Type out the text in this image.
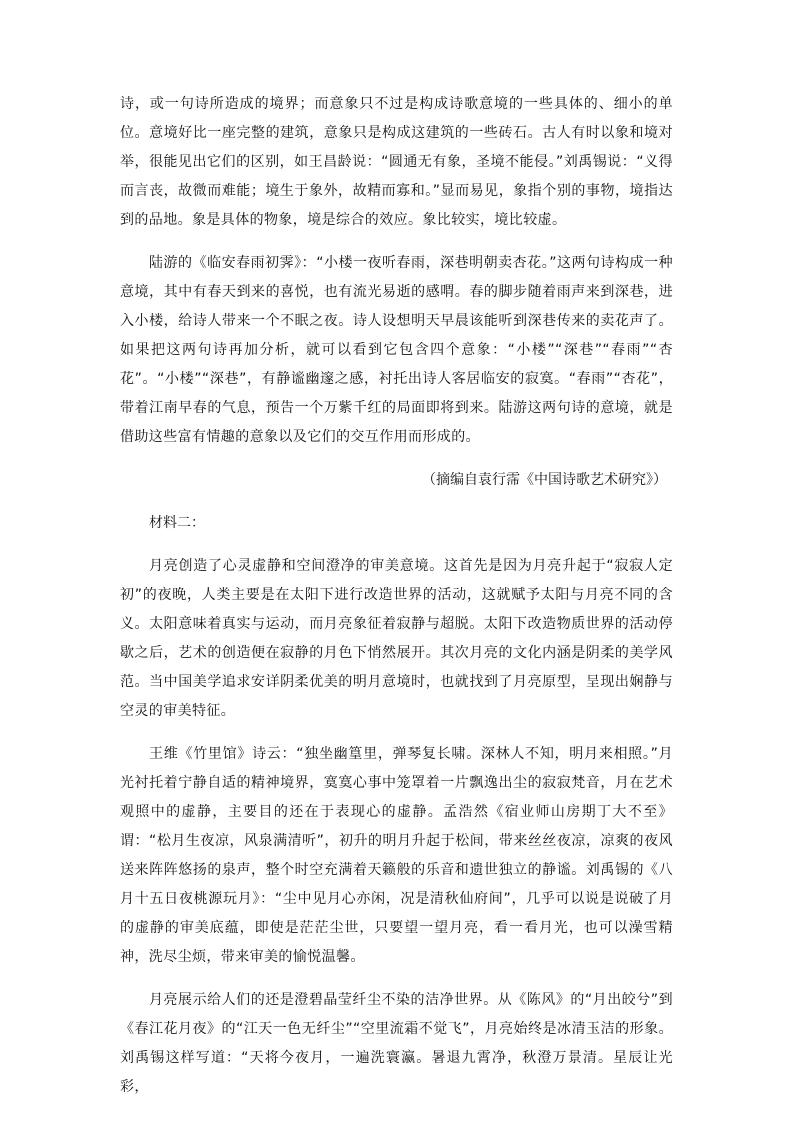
诗，或一句诗所造成的境界；而意象只不过是构成诗歌意境的一些具体的、细小的单位。意境好比一座完整的建筑，意象只是构成这建筑的一些砖石。古人有时以象和境对举，很能见出它们的区别，如王昌龄说：“圆通无有象，圣境不能侵。”刘禹锡说：“义得而言丧，故微而难能；境生于象外，故精而寡和。”显而易见，象指个别的事物，境指达到的品地。象是具体的物象，境是综合的效应。象比较实，境比较虚。

陆游的《临安春雨初霁》：“小楼一夜听春雨，深巷明朝卖杏花。”这两句诗构成一种意境，其中有春天到来的喜悦，也有流光易逝的感喟。春的脚步随着雨声来到深巷，进入小楼，给诗人带来一个不眠之夜。诗人设想明天早晨该能听到深巷传来的卖花声了。如果把这两句诗再加分析，就可以看到它包含四个意象：“小楼”“深巷”“春雨”“杏花”。“小楼”“深巷”，有静谧幽邃之感，衬托出诗人客居临安的寂寞。“春雨”“杏花”，带着江南早春的气息，预告一个万紫千红的局面即将到来。陆游这两句诗的意境，就是借助这些富有情趣的意象以及它们的交互作用而形成的。

（摘编自袁行霈《中国诗歌艺术研究》）

材料二：

月亮创造了心灵虚静和空间澄净的审美意境。这首先是因为月亮升起于“寂寂人定初”的夜晚，人类主要是在太阳下进行改造世界的活动，这就赋予太阳与月亮不同的含义。太阳意味着真实与运动，而月亮象征着寂静与超脱。太阳下改造物质世界的活动停歇之后，艺术的创造便在寂静的月色下悄然展开。其次月亮的文化内涵是阴柔的美学风范。当中国美学追求安详阴柔优美的明月意境时，也就找到了月亮原型，呈现出娴静与空灵的审美特征。

王维《竹里馆》诗云：“独坐幽篁里，弹琴复长啸。深林人不知，明月来相照。”月光衬托着宁静自适的精神境界，寞寞心事中笼罩着一片飘逸出尘的寂寂梵音，月在艺术观照中的虚静，主要目的还在于表现心的虚静。孟浩然《宿业师山房期丁大不至》谓：“松月生夜凉，风泉满清听”，初升的明月升起于松间，带来丝丝夜凉，凉爽的夜风送来阵阵悠扬的泉声，整个时空充满着天籁般的乐音和遗世独立的静谧。刘禹锡的《八月十五日夜桃源玩月》：“尘中见月心亦闲，况是清秋仙府间”，几乎可以说是说破了月的虚静的审美底蕴，即使是茫茫尘世，只要望一望月亮，看一看月光，也可以澡雪精神，洗尽尘烦，带来审美的愉悦温馨。

月亮展示给人们的还是澄碧晶莹纤尘不染的洁净世界。从《陈风》的“月出皎兮”到《春江花月夜》的“江天一色无纤尘”“空里流霜不觉飞”，月亮始终是冰清玉洁的形象。刘禹锡这样写道：“天将今夜月，一遍洗寰瀛。暑退九霄净，秋澄万景清。星辰让光彩，
